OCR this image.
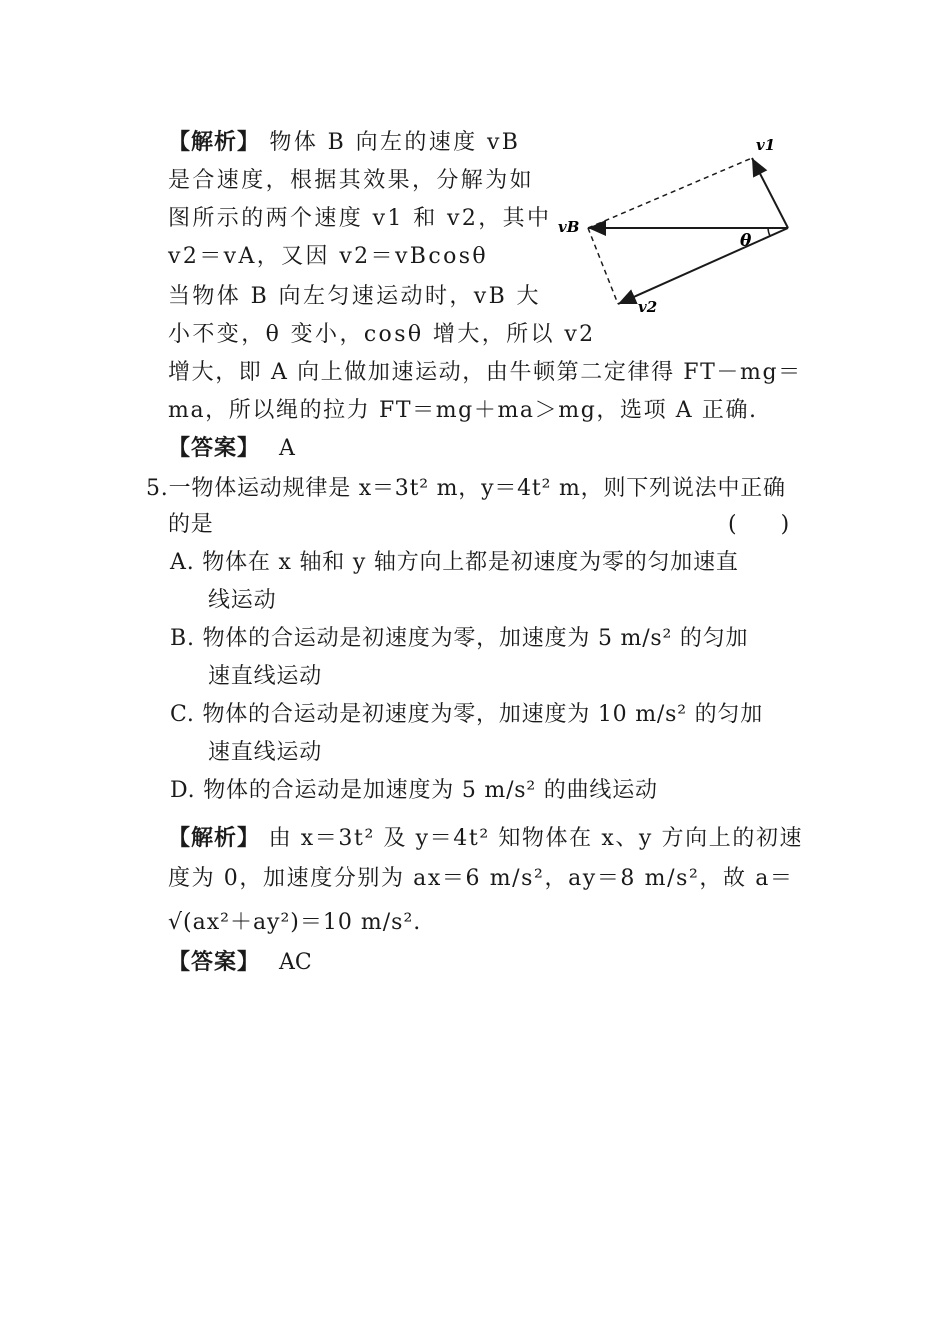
【解析】 物体 B 向左的速度 vB
是合速度，根据其效果，分解为如
图所示的两个速度 v1 和 v2，其中
v2＝vA，又因 v2＝vBcosθ
当物体 B 向左匀速运动时，vB 大
小不变，θ 变小，cosθ 增大，所以 v2
增大，即 A 向上做加速运动，由牛顿第二定律得 FT－mg＝
ma，所以绳的拉力 FT＝mg＋ma＞mg，选项 A 正确.
v1
vB
v2
θ
【答案】 A
5.一物体运动规律是 x＝3t² m，y＝4t² m，则下列说法中正确
的是	(　　)
A. 物体在 x 轴和 y 轴方向上都是初速度为零的匀加速直
线运动
B. 物体的合运动是初速度为零，加速度为 5 m/s² 的匀加
速直线运动
C. 物体的合运动是初速度为零，加速度为 10 m/s² 的匀加
速直线运动
D. 物体的合运动是加速度为 5 m/s² 的曲线运动
【解析】 由 x＝3t² 及 y＝4t² 知物体在 x、y 方向上的初速
度为 0，加速度分别为 ax＝6 m/s²，ay＝8 m/s²，故 a＝
√(ax²＋ay²)＝10 m/s².
【答案】 AC
